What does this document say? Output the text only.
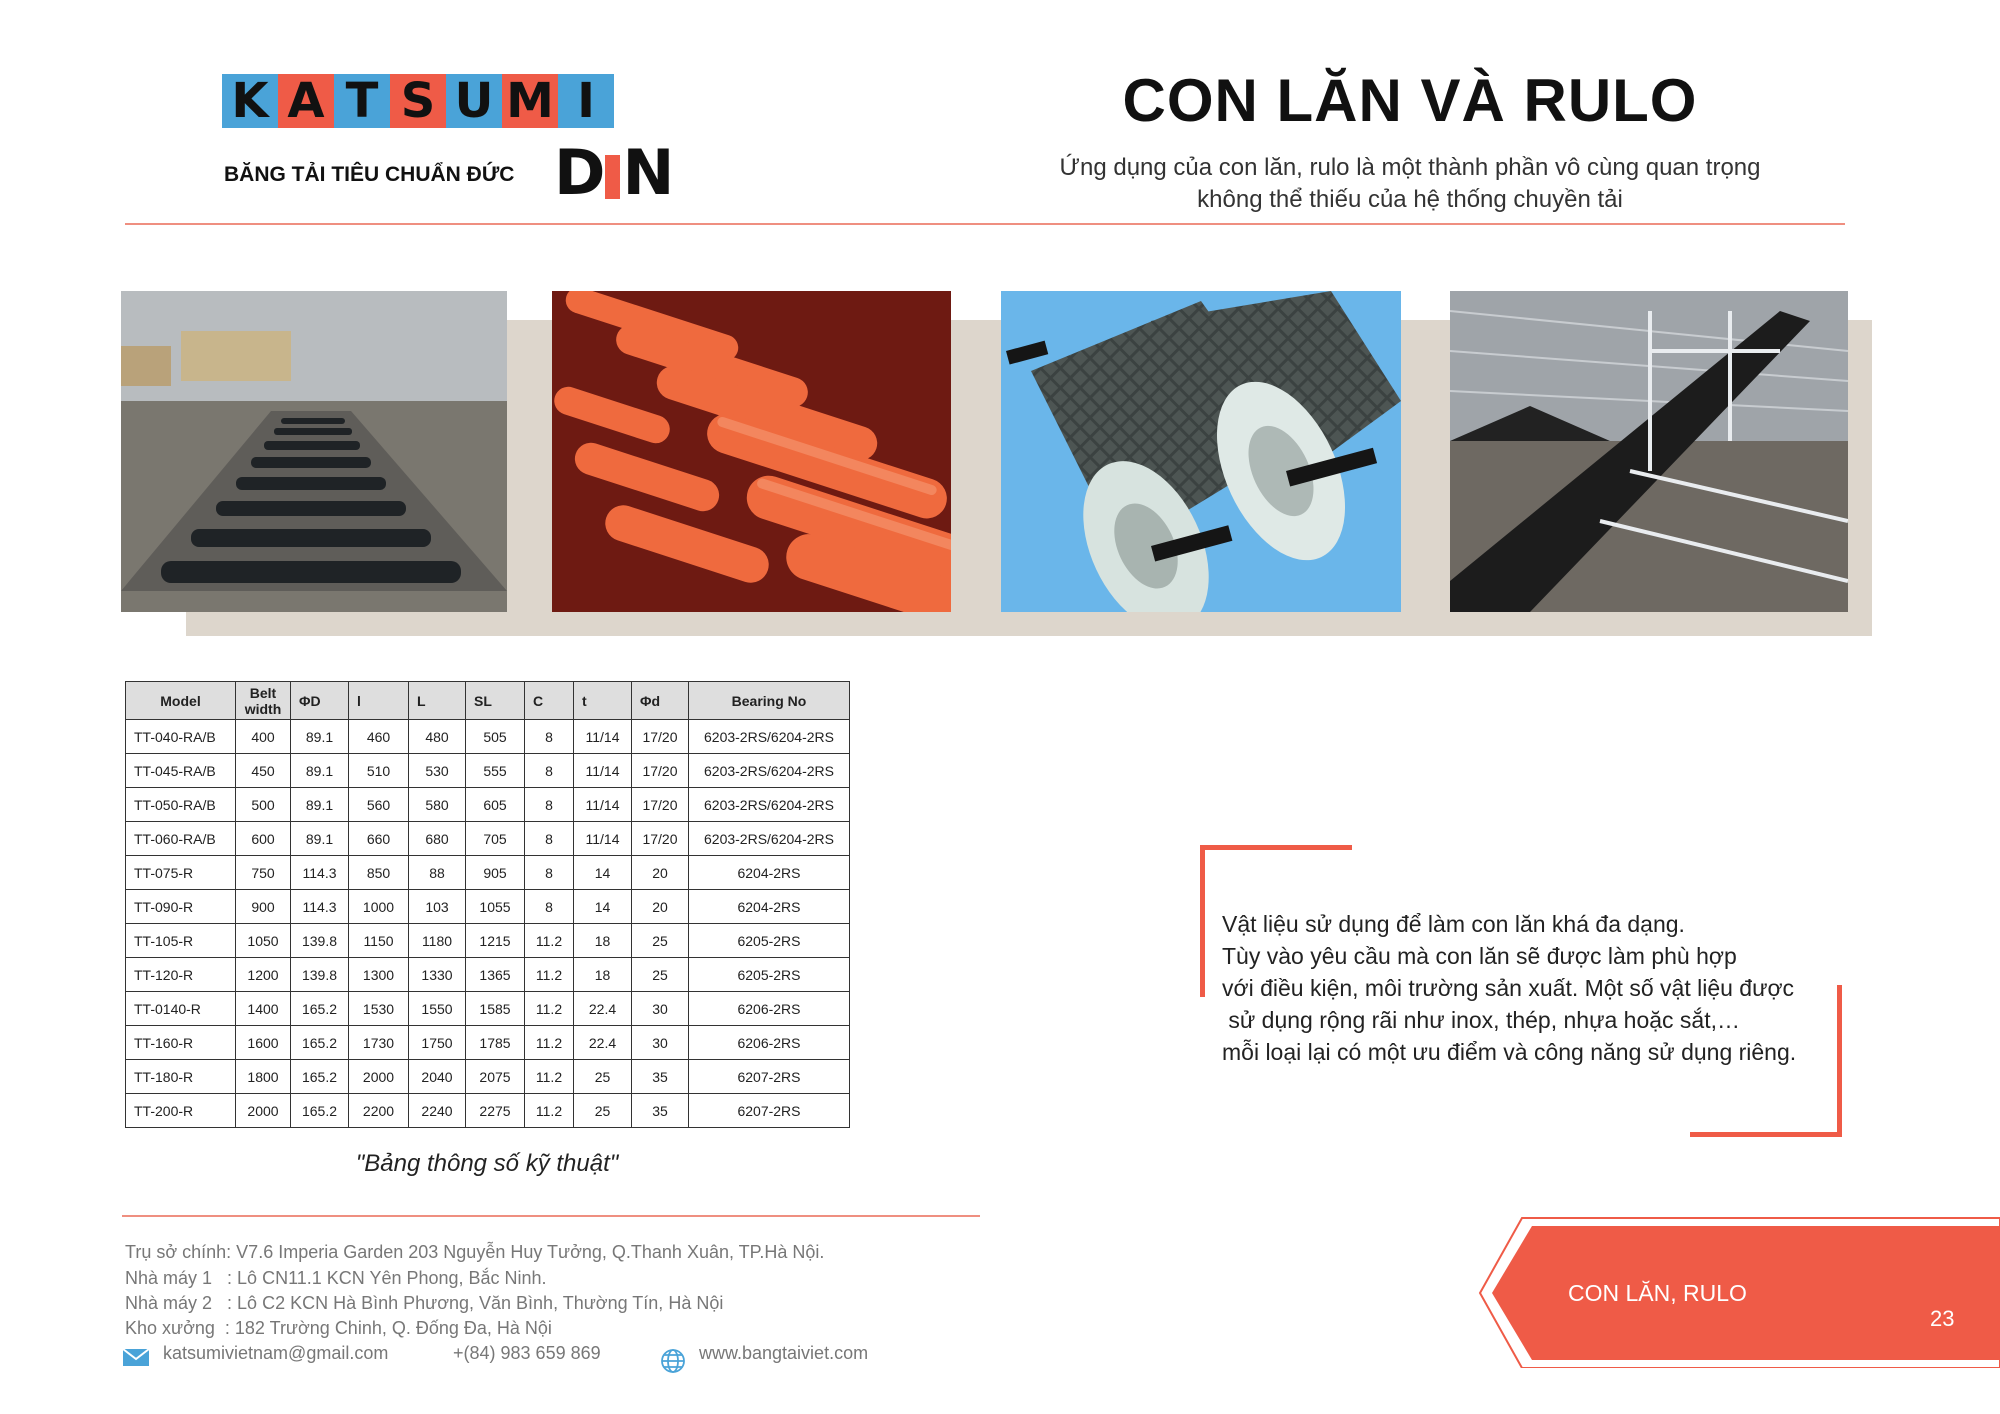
K A T S U M I
BĂNG TẢI TIÊU CHUẨN ĐỨC D N
CON LĂN VÀ RULO
Ứng dụng của con lăn, rulo là một thành phần vô cùng quan trọng
không thể thiếu của hệ thống chuyền tải
Model	Belt width	ΦD	l	L	SL	C	t	Φd	Bearing No
TT-040-RA/B	400	89.1	460	480	505	8	11/14	17/20	6203-2RS/6204-2RS
TT-045-RA/B	450	89.1	510	530	555	8	11/14	17/20	6203-2RS/6204-2RS
TT-050-RA/B	500	89.1	560	580	605	8	11/14	17/20	6203-2RS/6204-2RS
TT-060-RA/B	600	89.1	660	680	705	8	11/14	17/20	6203-2RS/6204-2RS
TT-075-R	750	114.3	850	88	905	8	14	20	6204-2RS
TT-090-R	900	114.3	1000	103	1055	8	14	20	6204-2RS
TT-105-R	1050	139.8	1150	1180	1215	11.2	18	25	6205-2RS
TT-120-R	1200	139.8	1300	1330	1365	11.2	18	25	6205-2RS
TT-0140-R	1400	165.2	1530	1550	1585	11.2	22.4	30	6206-2RS
TT-160-R	1600	165.2	1730	1750	1785	11.2	22.4	30	6206-2RS
TT-180-R	1800	165.2	2000	2040	2075	11.2	25	35	6207-2RS
TT-200-R	2000	165.2	2200	2240	2275	11.2	25	35	6207-2RS
"Bảng thông số kỹ thuật"
Vật liệu sử dụng để làm con lăn khá đa dạng.
Tùy vào yêu cầu mà con lăn sẽ được làm phù hợp
với điều kiện, môi trường sản xuất. Một số vật liệu được
sử dụng rộng rãi như inox, thép, nhựa hoặc sắt,…
mỗi loại lại có một ưu điểm và công năng sử dụng riêng.
Trụ sở chính: V7.6 Imperia Garden 203 Nguyễn Huy Tưởng, Q.Thanh Xuân, TP.Hà Nội.
Nhà máy 1   : Lô CN11.1 KCN Yên Phong, Bắc Ninh.
Nhà máy 2   : Lô C2 KCN Hà Bình Phương, Văn Bình, Thường Tín, Hà Nội
Kho xưởng  : 182 Trường Chinh, Q. Đống Đa, Hà Nội
katsumivietnam@gmail.com	+(84) 983 659 869	www.bangtaiviet.com
CON LĂN, RULO
23
